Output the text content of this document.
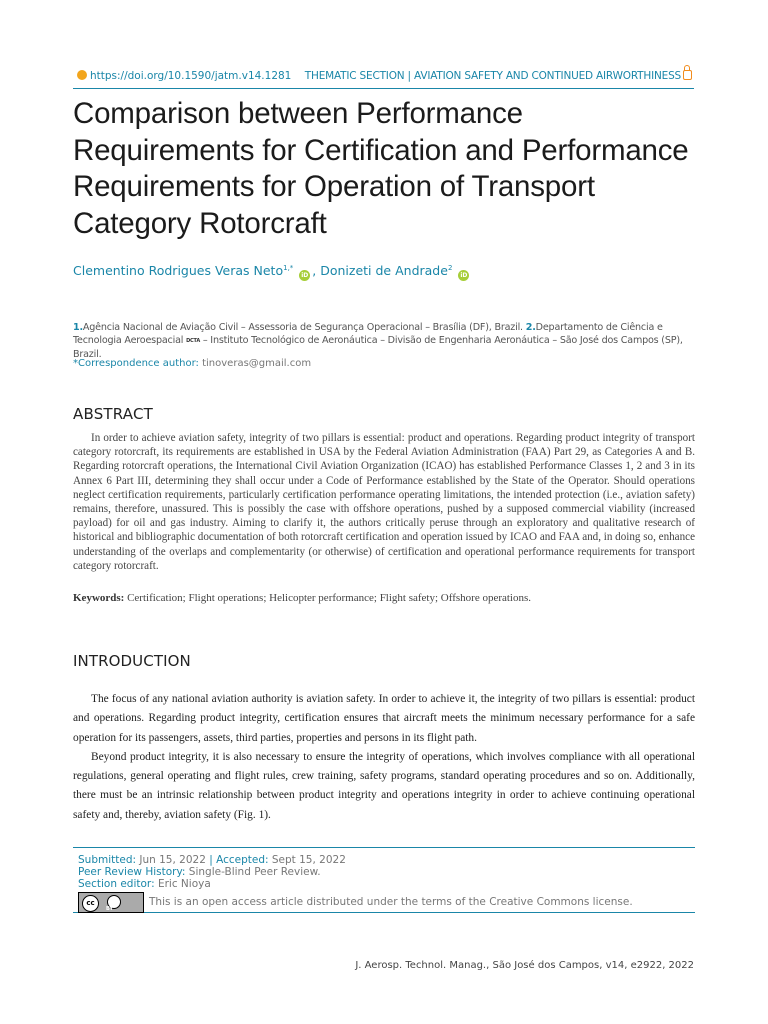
https://doi.org/10.1590/jatm.v14.1281 THEMATIC SECTION | AVIATION SAFETY AND CONTINUED AIRWORTHINESS
Comparison between Performance Requirements for Certification and Performance Requirements for Operation of Transport Category Rotorcraft
Clementino Rodrigues Veras Neto$^{1,*}$ iD , Donizeti de Andrade$^2$ iD
1.Agência Nacional de Aviação Civil – Assessoria de Segurança Operacional – Brasília (DF), Brazil. 2.Departamento de Ciência e Tecnologia Aeroespacial DCTA – Instituto Tecnológico de Aeronáutica – Divisão de Engenharia Aeronáutica – São José dos Campos (SP), Brazil.
*Correspondence author: tinoveras@gmail.com
ABSTRACT

In order to achieve aviation safety, integrity of two pillars is essential: product and operations. Regarding product integrity of transport category rotorcraft, its requirements are established in USA by the Federal Aviation Administration (FAA) Part 29, as Categories A and B. Regarding rotorcraft operations, the International Civil Aviation Organization (ICAO) has established Performance Classes 1, 2 and 3 in its Annex 6 Part III, determining they shall occur under a Code of Performance established by the State of the Operator. Should operations neglect certification requirements, particularly certification performance operating limitations, the intended protection (i.e., aviation safety) remains, therefore, unassured. This is possibly the case with offshore operations, pushed by a supposed commercial viability (increased payload) for oil and gas industry. Aiming to clarify it, the authors critically peruse through an exploratory and qualitative research of historical and bibliographic documentation of both rotorcraft certification and operation issued by ICAO and FAA and, in doing so, enhance understanding of the overlaps and complementarity (or otherwise) of certification and operational performance requirements for transport category rotorcraft.

Keywords: Certification; Flight operations; Helicopter performance; Flight safety; Offshore operations.
INTRODUCTION

The focus of any national aviation authority is aviation safety. In order to achieve it, the integrity of two pillars is essential: product and operations. Regarding product integrity, certification ensures that aircraft meets the minimum necessary performance for a safe operation for its passengers, assets, third parties, properties and persons in its flight path.

Beyond product integrity, it is also necessary to ensure the integrity of operations, which involves compliance with all operational regulations, general operating and flight rules, crew training, safety programs, standard operating procedures and so on. Additionally, there must be an intrinsic relationship between product integrity and operations integrity in order to achieve continuing operational safety and, thereby, aviation safety (Fig. 1).

Submitted: Jun 15, 2022 | Accepted: Sept 15, 2022
Peer Review History: Single-Blind Peer Review.
Section editor: Eric Nioya
cc
BY
This is an open access article distributed under the terms of the Creative Commons license.
J. Aerosp. Technol. Manag., São José dos Campos, v14, e2922, 2022
